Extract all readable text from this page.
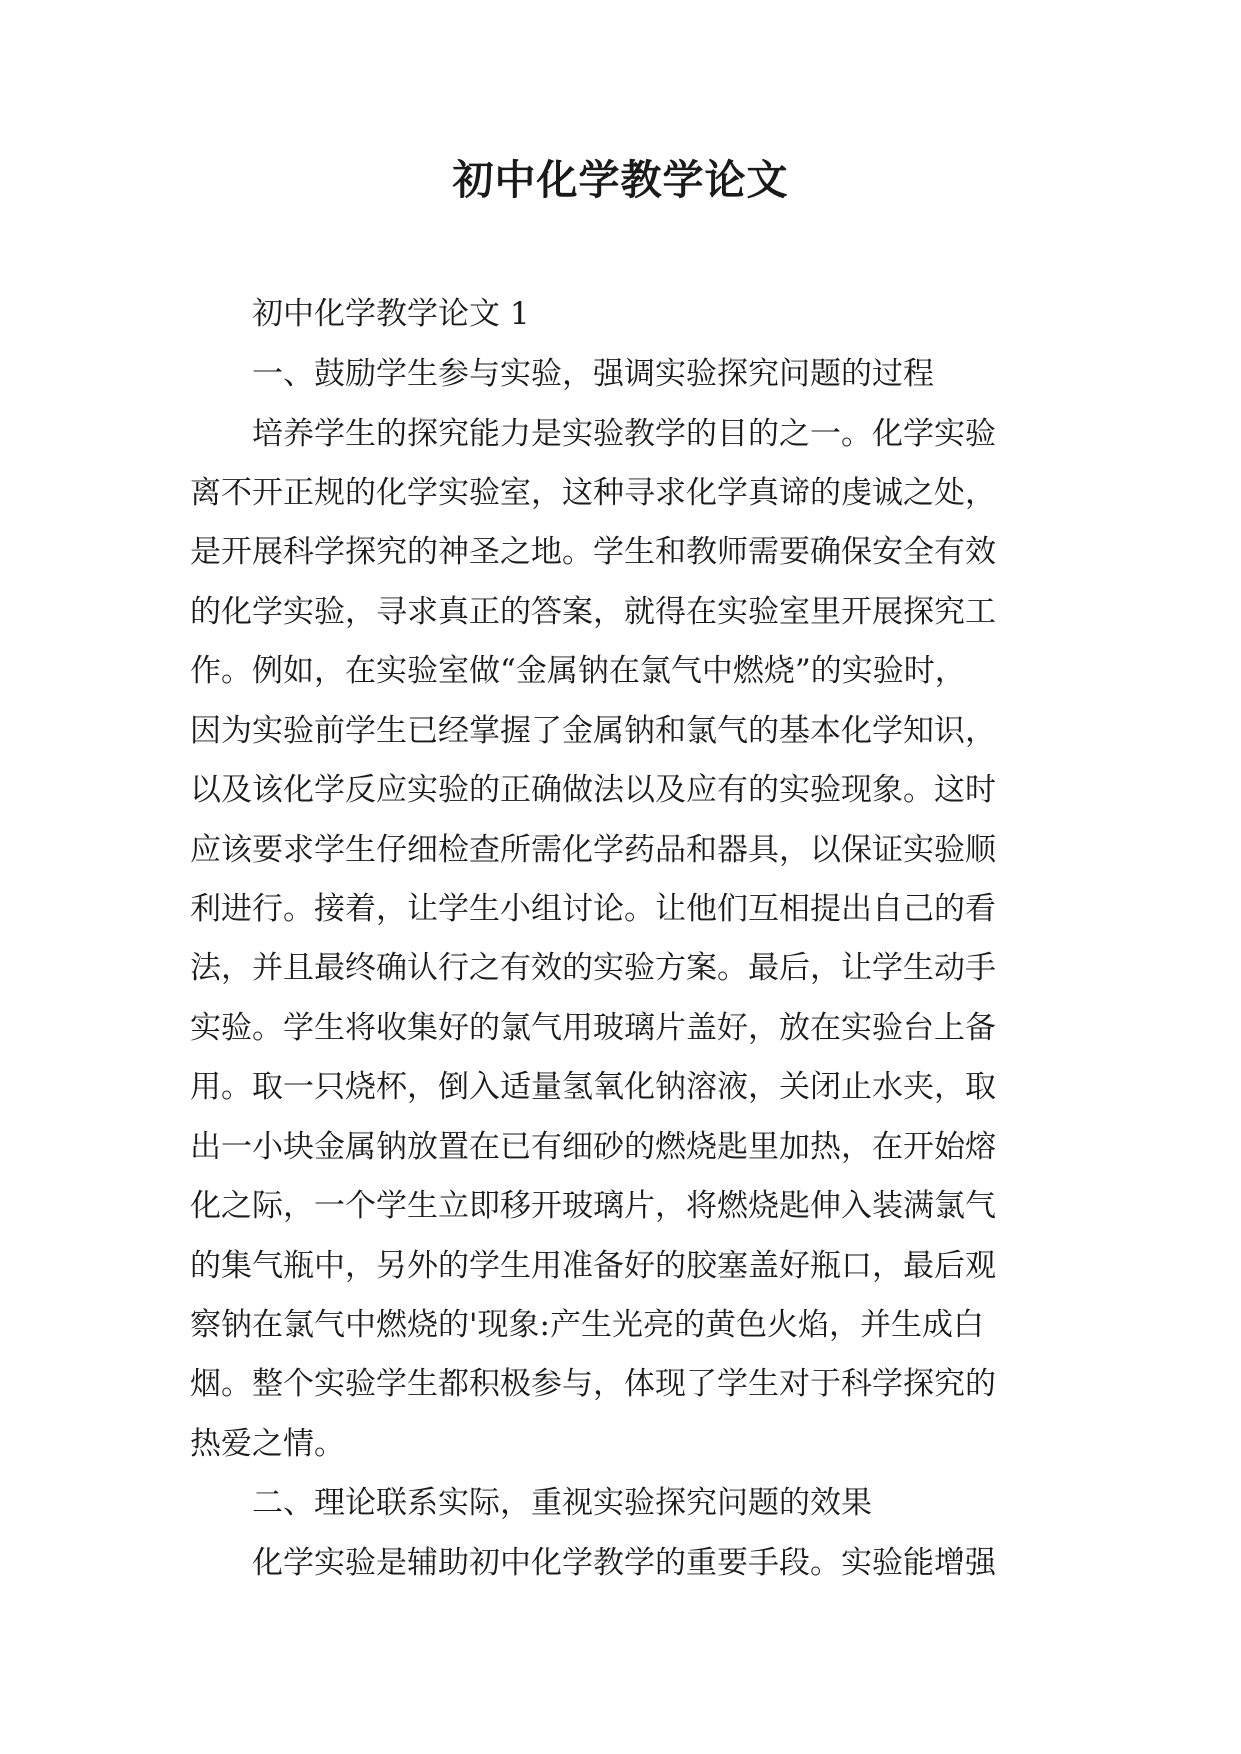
初中化学教学论文
初中化学教学论文 1
一、鼓励学生参与实验，强调实验探究问题的过程
培养学生的探究能力是实验教学的目的之一。化学实验
离不开正规的化学实验室，这种寻求化学真谛的虔诚之处，
是开展科学探究的神圣之地。学生和教师需要确保安全有效
的化学实验，寻求真正的答案，就得在实验室里开展探究工
作。例如，在实验室做“金属钠在氯气中燃烧”的实验时，
因为实验前学生已经掌握了金属钠和氯气的基本化学知识，
以及该化学反应实验的正确做法以及应有的实验现象。这时
应该要求学生仔细检查所需化学药品和器具，以保证实验顺
利进行。接着，让学生小组讨论。让他们互相提出自己的看
法，并且最终确认行之有效的实验方案。最后，让学生动手
实验。学生将收集好的氯气用玻璃片盖好，放在实验台上备
用。取一只烧杯，倒入适量氢氧化钠溶液，关闭止水夹，取
出一小块金属钠放置在已有细砂的燃烧匙里加热，在开始熔
化之际，一个学生立即移开玻璃片，将燃烧匙伸入装满氯气
的集气瓶中，另外的学生用准备好的胶塞盖好瓶口，最后观
察钠在氯气中燃烧的'现象:产生光亮的黄色火焰，并生成白
烟。整个实验学生都积极参与，体现了学生对于科学探究的
热爱之情。
二、理论联系实际，重视实验探究问题的效果
化学实验是辅助初中化学教学的重要手段。实验能增强
